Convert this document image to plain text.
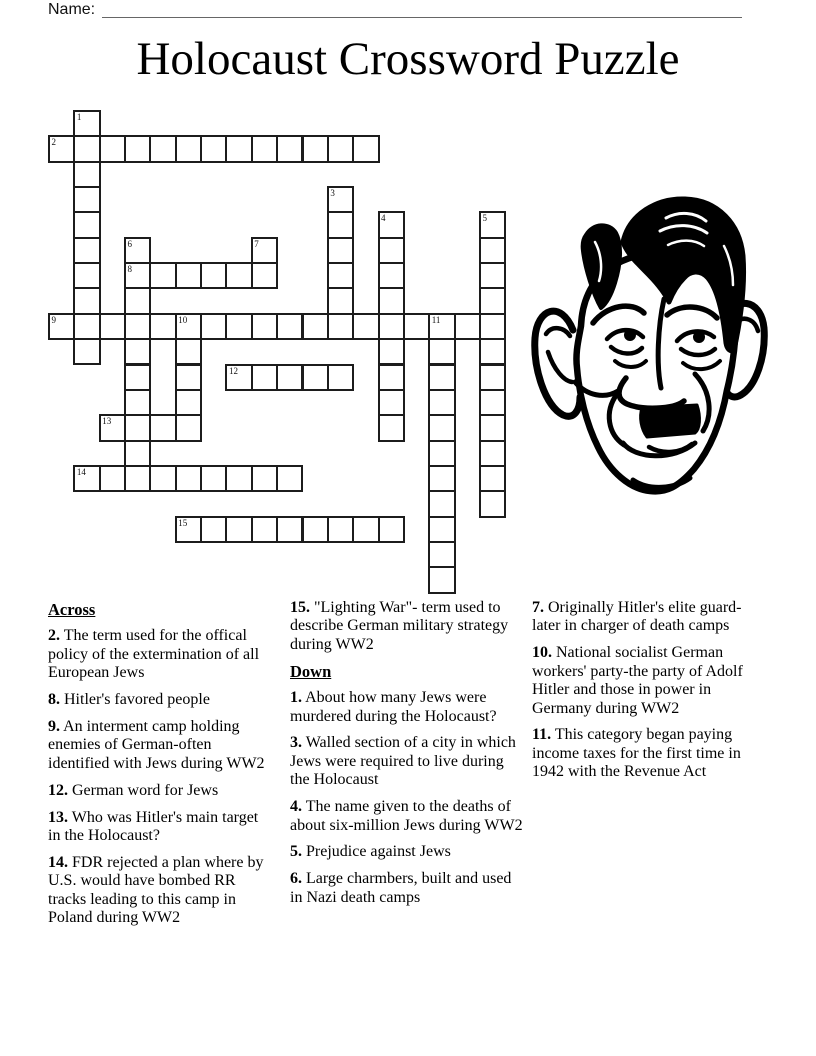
Name:
Holocaust Crossword Puzzle
1
2
3
4	5
6
8
7
9	10	11
12
13
14
15
Across

2. The term used for the offical policy of the extermination of all European Jews

8. Hitler's favored people

9. An interment camp holding enemies of German-often identified with Jews during WW2

12. German word for Jews

13. Who was Hitler's main target in the Holocaust?

14. FDR rejected a plan where by U.S. would have bombed RR tracks leading to this camp in Poland during WW2

15. "Lighting War"- term used to describe German military strategy during WW2

Down

1. About how many Jews were murdered during the Holocaust?

3. Walled section of a city in which Jews were required to live during the Holocaust

4. The name given to the deaths of about six-million Jews during WW2

5. Prejudice against Jews

6. Large charmbers, built and used in Nazi death camps

7. Originally Hitler's elite guard- later in charger of death camps

10. National socialist German workers' party-the party of Adolf Hitler and those in power in Germany during WW2

11. This category began paying income taxes for the first time in 1942 with the Revenue Act
